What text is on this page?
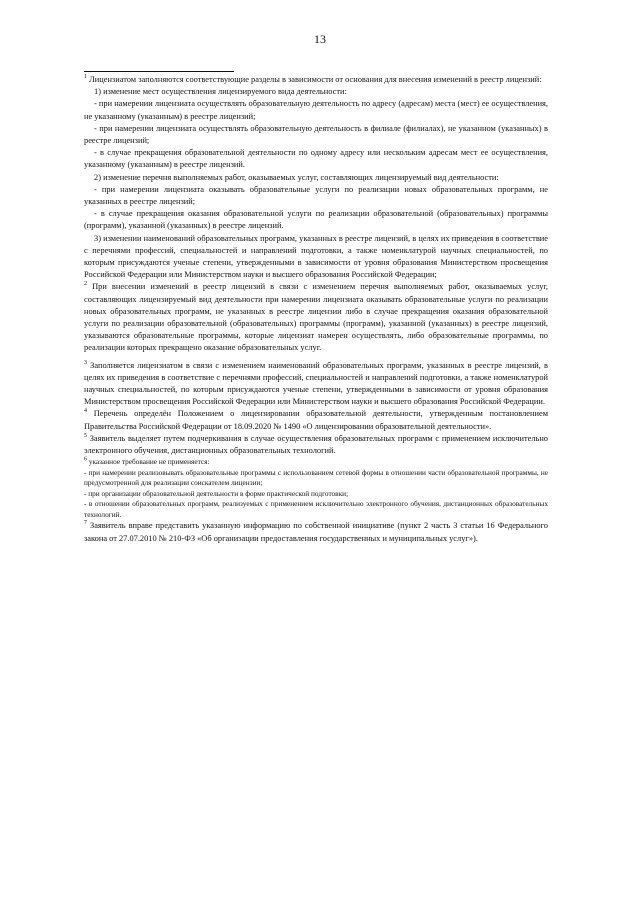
13

$^1$ Лицензиатом заполняются соответствующие разделы в зависимости от основания для внесения изменений в реестр лицензий:

1) изменение мест осуществления лицензируемого вида деятельности:

- при намерении лицензиата осуществлять образовательную деятельность по адресу (адресам) места (мест) ее осуществления, не указанному (указанным) в реестре лицензий;

- при намерении лицензиата осуществлять образовательную деятельность в филиале (филиалах), не указанном (указанных) в реестре лицензий;

- в случае прекращения образовательной деятельности по одному адресу или нескольким адресам мест ее осуществления, указанному (указанным) в реестре лицензий.

2) изменение перечня выполняемых работ, оказываемых услуг, составляющих лицензируемый вид деятельности:

- при намерении лицензиата оказывать образовательные услуги по реализации новых образовательных программ, не указанных в реестре лицензий;

- в случае прекращения оказания образовательной услуги по реализации образовательной (образовательных) программы (программ), указанной (указанных) в реестре лицензий.

3) изменении наименований образовательных программ, указанных в реестре лицензий, в целях их приведения в соответствие с перечнями профессий, специальностей и направлений подготовки, а также номенклатурой научных специальностей, по которым присуждаются ученые степени, утвержденными в зависимости от уровня образования Министерством просвещения Российской Федерации или Министерством науки и высшего образования Российской Федерации;

$^2$ При внесении изменений в реестр лицензий в связи с изменением перечня выполняемых работ, оказываемых услуг, составляющих лицензируемый вид деятельности при намерении лицензиата оказывать образовательные услуги по реализации новых образовательных программ, не указанных в реестре лицензии либо в случае прекращения оказания образовательной услуги по реализации образовательной (образовательных) программы (программ), указанной (указанных) в реестре лицензий, указываются образовательные программы, которые лицензиат намерен осуществлять, либо образовательные программы, по реализации которых прекращено оказание образовательных услуг.

$^3$ Заполняется лицензиатом в связи с изменением наименований образовательных программ, указанных в реестре лицензий, в целях их приведения в соответствие с перечнями профессий, специальностей и направлений подготовки, а также номенклатурой научных специальностей, по которым присуждаются ученые степени, утвержденными в зависимости от уровня образования Министерством просвещения Российской Федерации или Министерством науки и высшего образования Российской Федерации.

$^4$ Перечень определён Положением о лицензировании образовательной деятельности, утвержденным постановлением Правительства Российской Федерации от 18.09.2020 № 1490 «О лицензировании образовательной деятельности».

$^5$ Заявитель выделяет путем подчеркивания в случае осуществления образовательных программ с применением исключительно электронного обучения, дистанционных образовательных технологий.

$^6$ указанное требование не применяется:

- при намерении реализовывать образовательные программы с использованием сетевой формы в отношении части образовательной программы, не предусмотренной для реализации соискателем лицензии;

- при организации образовательной деятельности в форме практической подготовки;

- в отношении образовательных программ, реализуемых с применением исключительно электронного обучения, дистанционных образовательных технологий.

$^7$ Заявитель вправе представить указанную информацию по собственной инициативе (пункт 2 часть 3 статьи 16 Федерального закона от 27.07.2010 № 210-ФЗ «Об организации предоставления государственных и муниципальных услуг»).
